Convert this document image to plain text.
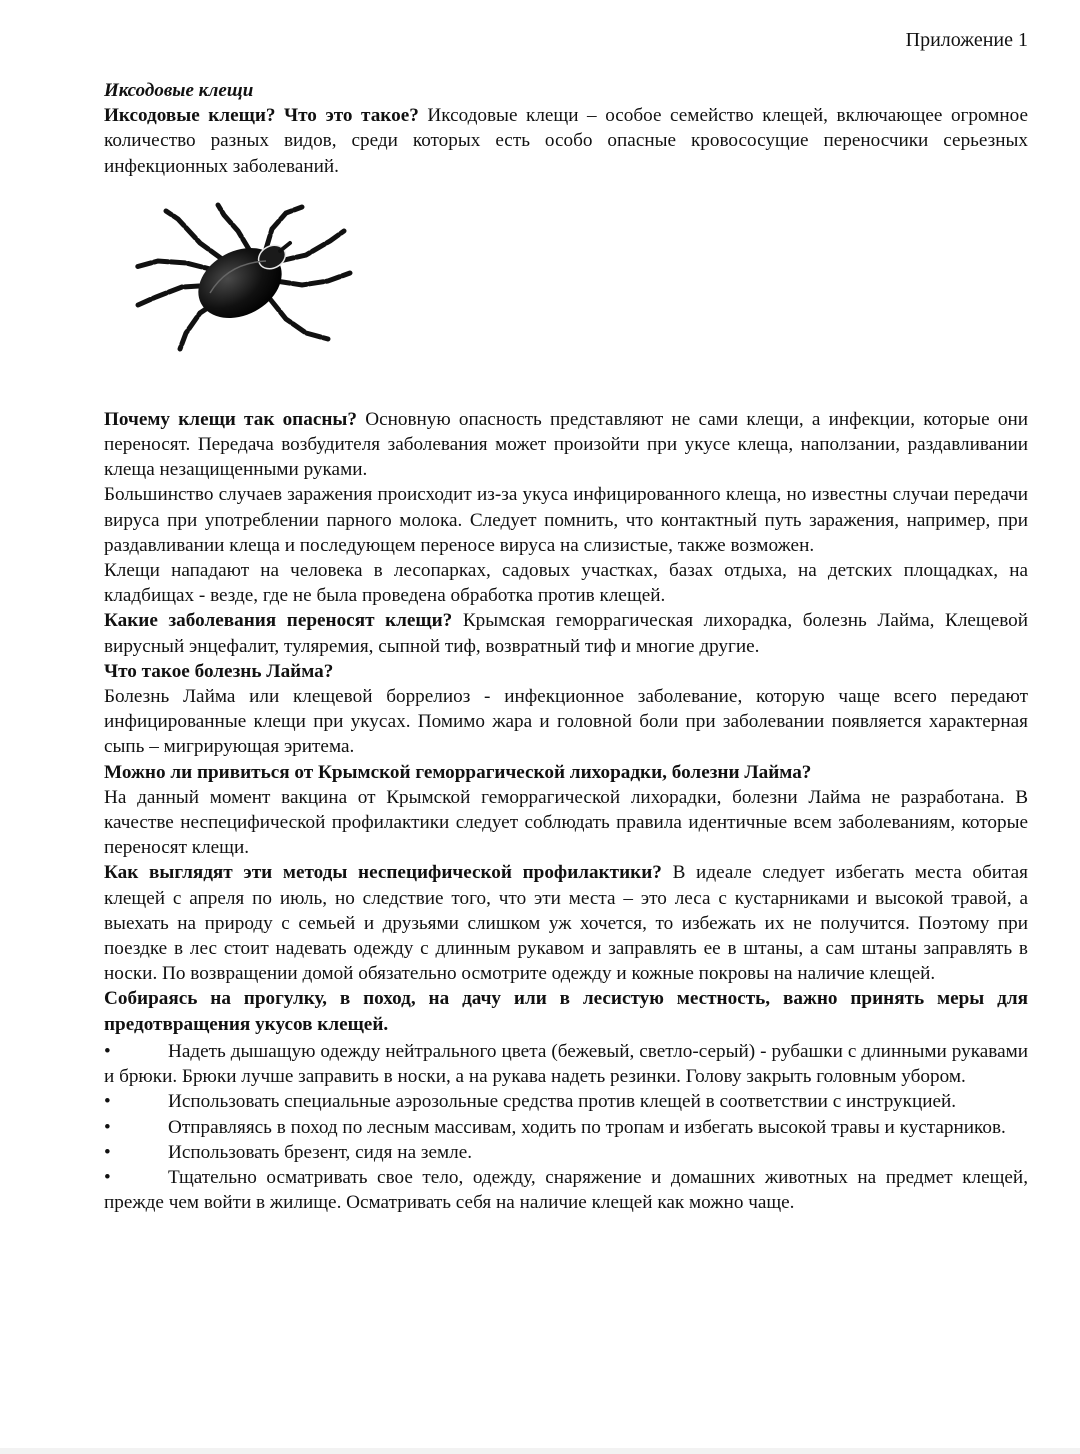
Приложение 1

Иксодовые клещи

Иксодовые клещи? Что это такое? Иксодовые клещи – особое семейство клещей, включающее огромное количество разных видов, среди которых есть особо опасные кровососущие переносчики серьезных инфекционных заболеваний.

Почему клещи так опасны? Основную опасность представляют не сами клещи, а инфекции, которые они переносят. Передача возбудителя заболевания может произойти при укусе клеща, наползании, раздавливании клеща незащищенными руками.

Большинство случаев заражения происходит из-за укуса инфицированного клеща, но известны случаи передачи вируса при употреблении парного молока. Следует помнить, что контактный путь заражения, например, при раздавливании клеща и последующем переносе вируса на слизистые, также возможен.

Клещи нападают на человека в лесопарках, садовых участках, базах отдыха, на детских площадках, на кладбищах - везде, где не была проведена обработка против клещей.

Какие заболевания переносят клещи? Крымская геморрагическая лихорадка, болезнь Лайма, Клещевой вирусный энцефалит, туляремия, сыпной тиф, возвратный тиф и многие другие.

Что такое болезнь Лайма?

Болезнь Лайма или клещевой боррелиоз - инфекционное заболевание, которую чаще всего передают инфицированные клещи при укусах. Помимо жара и головной боли при заболевании появляется характерная сыпь – мигрирующая эритема.

Можно ли привиться от Крымской геморрагической лихорадки, болезни Лайма?

На данный момент вакцина от Крымской геморрагической лихорадки, болезни Лайма не разработана. В качестве неспецифической профилактики следует соблюдать правила идентичные всем заболеваниям, которые переносят клещи.

Как выглядят эти методы неспецифической профилактики? В идеале следует избегать места обитая клещей с апреля по июль, но следствие того, что эти места – это леса с кустарниками и высокой травой, а выехать на природу с семьей и друзьями слишком уж хочется, то избежать их не получится. Поэтому при поездке в лес стоит надевать одежду с длинным рукавом и заправлять ее в штаны, а сам штаны заправлять в носки. По возвращении домой обязательно осмотрите одежду и кожные покровы на наличие клещей.

Собираясь на прогулку, в поход, на дачу или в лесистую местность, важно принять меры для предотвращения укусов клещей.

•	Надеть дышащую одежду нейтрального цвета (бежевый, светло-серый) - рубашки с длинными рукавами и брюки. Брюки лучше заправить в носки, а на рукава надеть резинки. Голову закрыть головным убором.

•	Использовать специальные аэрозольные средства против клещей в соответствии с инструкцией.

•	Отправляясь в поход по лесным массивам, ходить по тропам и избегать высокой травы и кустарников.

•	Использовать брезент, сидя на земле.

•	Тщательно осматривать свое тело, одежду, снаряжение и домашних животных на предмет клещей, прежде чем войти в жилище. Осматривать себя на наличие клещей как можно чаще.
